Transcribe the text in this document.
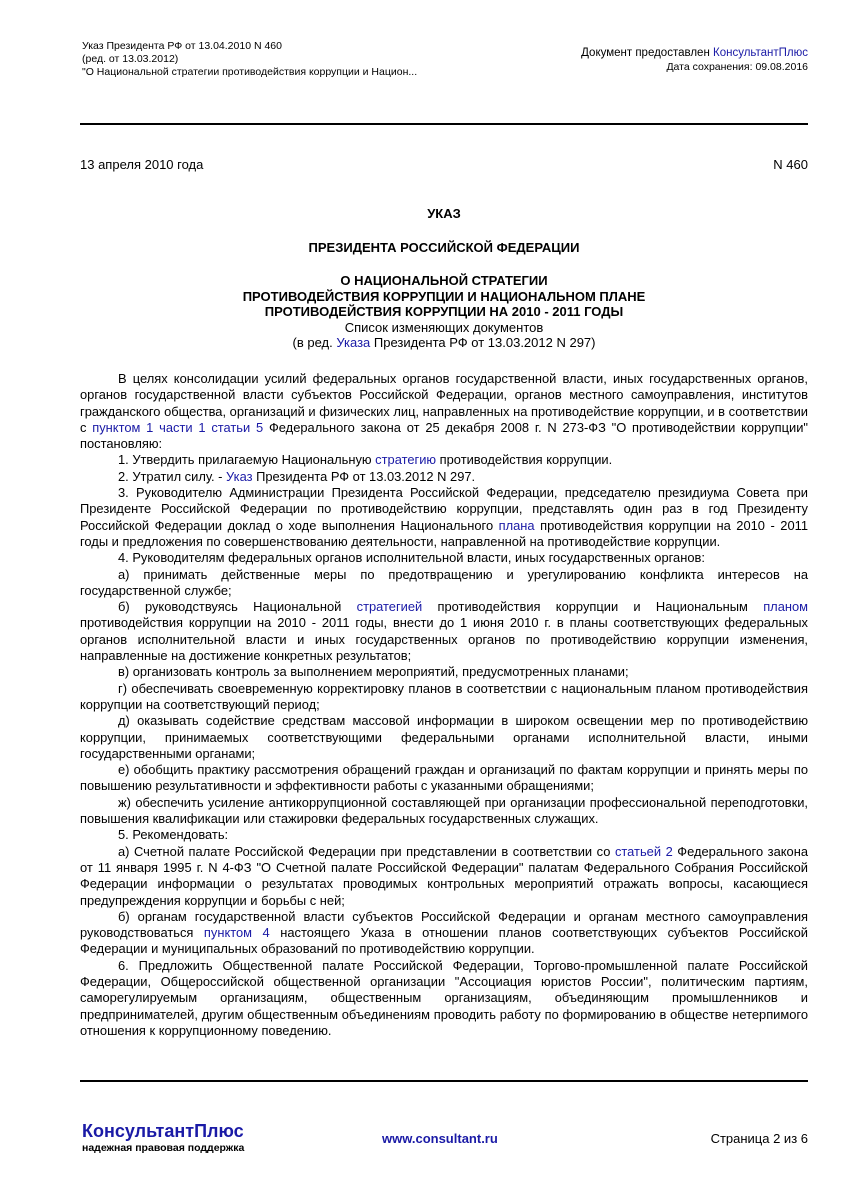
Указ Президента РФ от 13.04.2010 N 460
(ред. от 13.03.2012)
"О Национальной стратегии противодействия коррупции и Национ...
Документ предоставлен КонсультантПлюс
Дата сохранения: 09.08.2016
13 апреля 2010 года	N 460
УКАЗ
ПРЕЗИДЕНТА РОССИЙСКОЙ ФЕДЕРАЦИИ
О НАЦИОНАЛЬНОЙ СТРАТЕГИИ
ПРОТИВОДЕЙСТВИЯ КОРРУПЦИИ И НАЦИОНАЛЬНОМ ПЛАНЕ
ПРОТИВОДЕЙСТВИЯ КОРРУПЦИИ НА 2010 - 2011 ГОДЫ
Список изменяющих документов
(в ред. Указа Президента РФ от 13.03.2012 N 297)

В целях консолидации усилий федеральных органов государственной власти, иных государственных органов, органов государственной власти субъектов Российской Федерации, органов местного самоуправления, институтов гражданского общества, организаций и физических лиц, направленных на противодействие коррупции, и в соответствии с пунктом 1 части 1 статьи 5 Федерального закона от 25 декабря 2008 г. N 273-ФЗ "О противодействии коррупции" постановляю:

1. Утвердить прилагаемую Национальную стратегию противодействия коррупции.

2. Утратил силу. - Указ Президента РФ от 13.03.2012 N 297.

3. Руководителю Администрации Президента Российской Федерации, председателю президиума Совета при Президенте Российской Федерации по противодействию коррупции, представлять один раз в год Президенту Российской Федерации доклад о ходе выполнения Национального плана противодействия коррупции на 2010 - 2011 годы и предложения по совершенствованию деятельности, направленной на противодействие коррупции.

4. Руководителям федеральных органов исполнительной власти, иных государственных органов:

а) принимать действенные меры по предотвращению и урегулированию конфликта интересов на государственной службе;

б) руководствуясь Национальной стратегией противодействия коррупции и Национальным планом противодействия коррупции на 2010 - 2011 годы, внести до 1 июня 2010 г. в планы соответствующих федеральных органов исполнительной власти и иных государственных органов по противодействию коррупции изменения, направленные на достижение конкретных результатов;

в) организовать контроль за выполнением мероприятий, предусмотренных планами;

г) обеспечивать своевременную корректировку планов в соответствии с национальным планом противодействия коррупции на соответствующий период;

д) оказывать содействие средствам массовой информации в широком освещении мер по противодействию коррупции, принимаемых соответствующими федеральными органами исполнительной власти, иными государственными органами;

е) обобщить практику рассмотрения обращений граждан и организаций по фактам коррупции и принять меры по повышению результативности и эффективности работы с указанными обращениями;

ж) обеспечить усиление антикоррупционной составляющей при организации профессиональной переподготовки, повышения квалификации или стажировки федеральных государственных служащих.

5. Рекомендовать:

а) Счетной палате Российской Федерации при представлении в соответствии со статьей 2 Федерального закона от 11 января 1995 г. N 4-ФЗ "О Счетной палате Российской Федерации" палатам Федерального Собрания Российской Федерации информации о результатах проводимых контрольных мероприятий отражать вопросы, касающиеся предупреждения коррупции и борьбы с ней;

б) органам государственной власти субъектов Российской Федерации и органам местного самоуправления руководствоваться пунктом 4 настоящего Указа в отношении планов соответствующих субъектов Российской Федерации и муниципальных образований по противодействию коррупции.

6. Предложить Общественной палате Российской Федерации, Торгово-промышленной палате Российской Федерации, Общероссийской общественной организации "Ассоциация юристов России", политическим партиям, саморегулируемым организациям, общественным организациям, объединяющим промышленников и предпринимателей, другим общественным объединениям проводить работу по формированию в обществе нетерпимого отношения к коррупционному поведению.

КонсультантПлюс
надежная правовая поддержка
www.consultant.ru	Страница 2 из 6
